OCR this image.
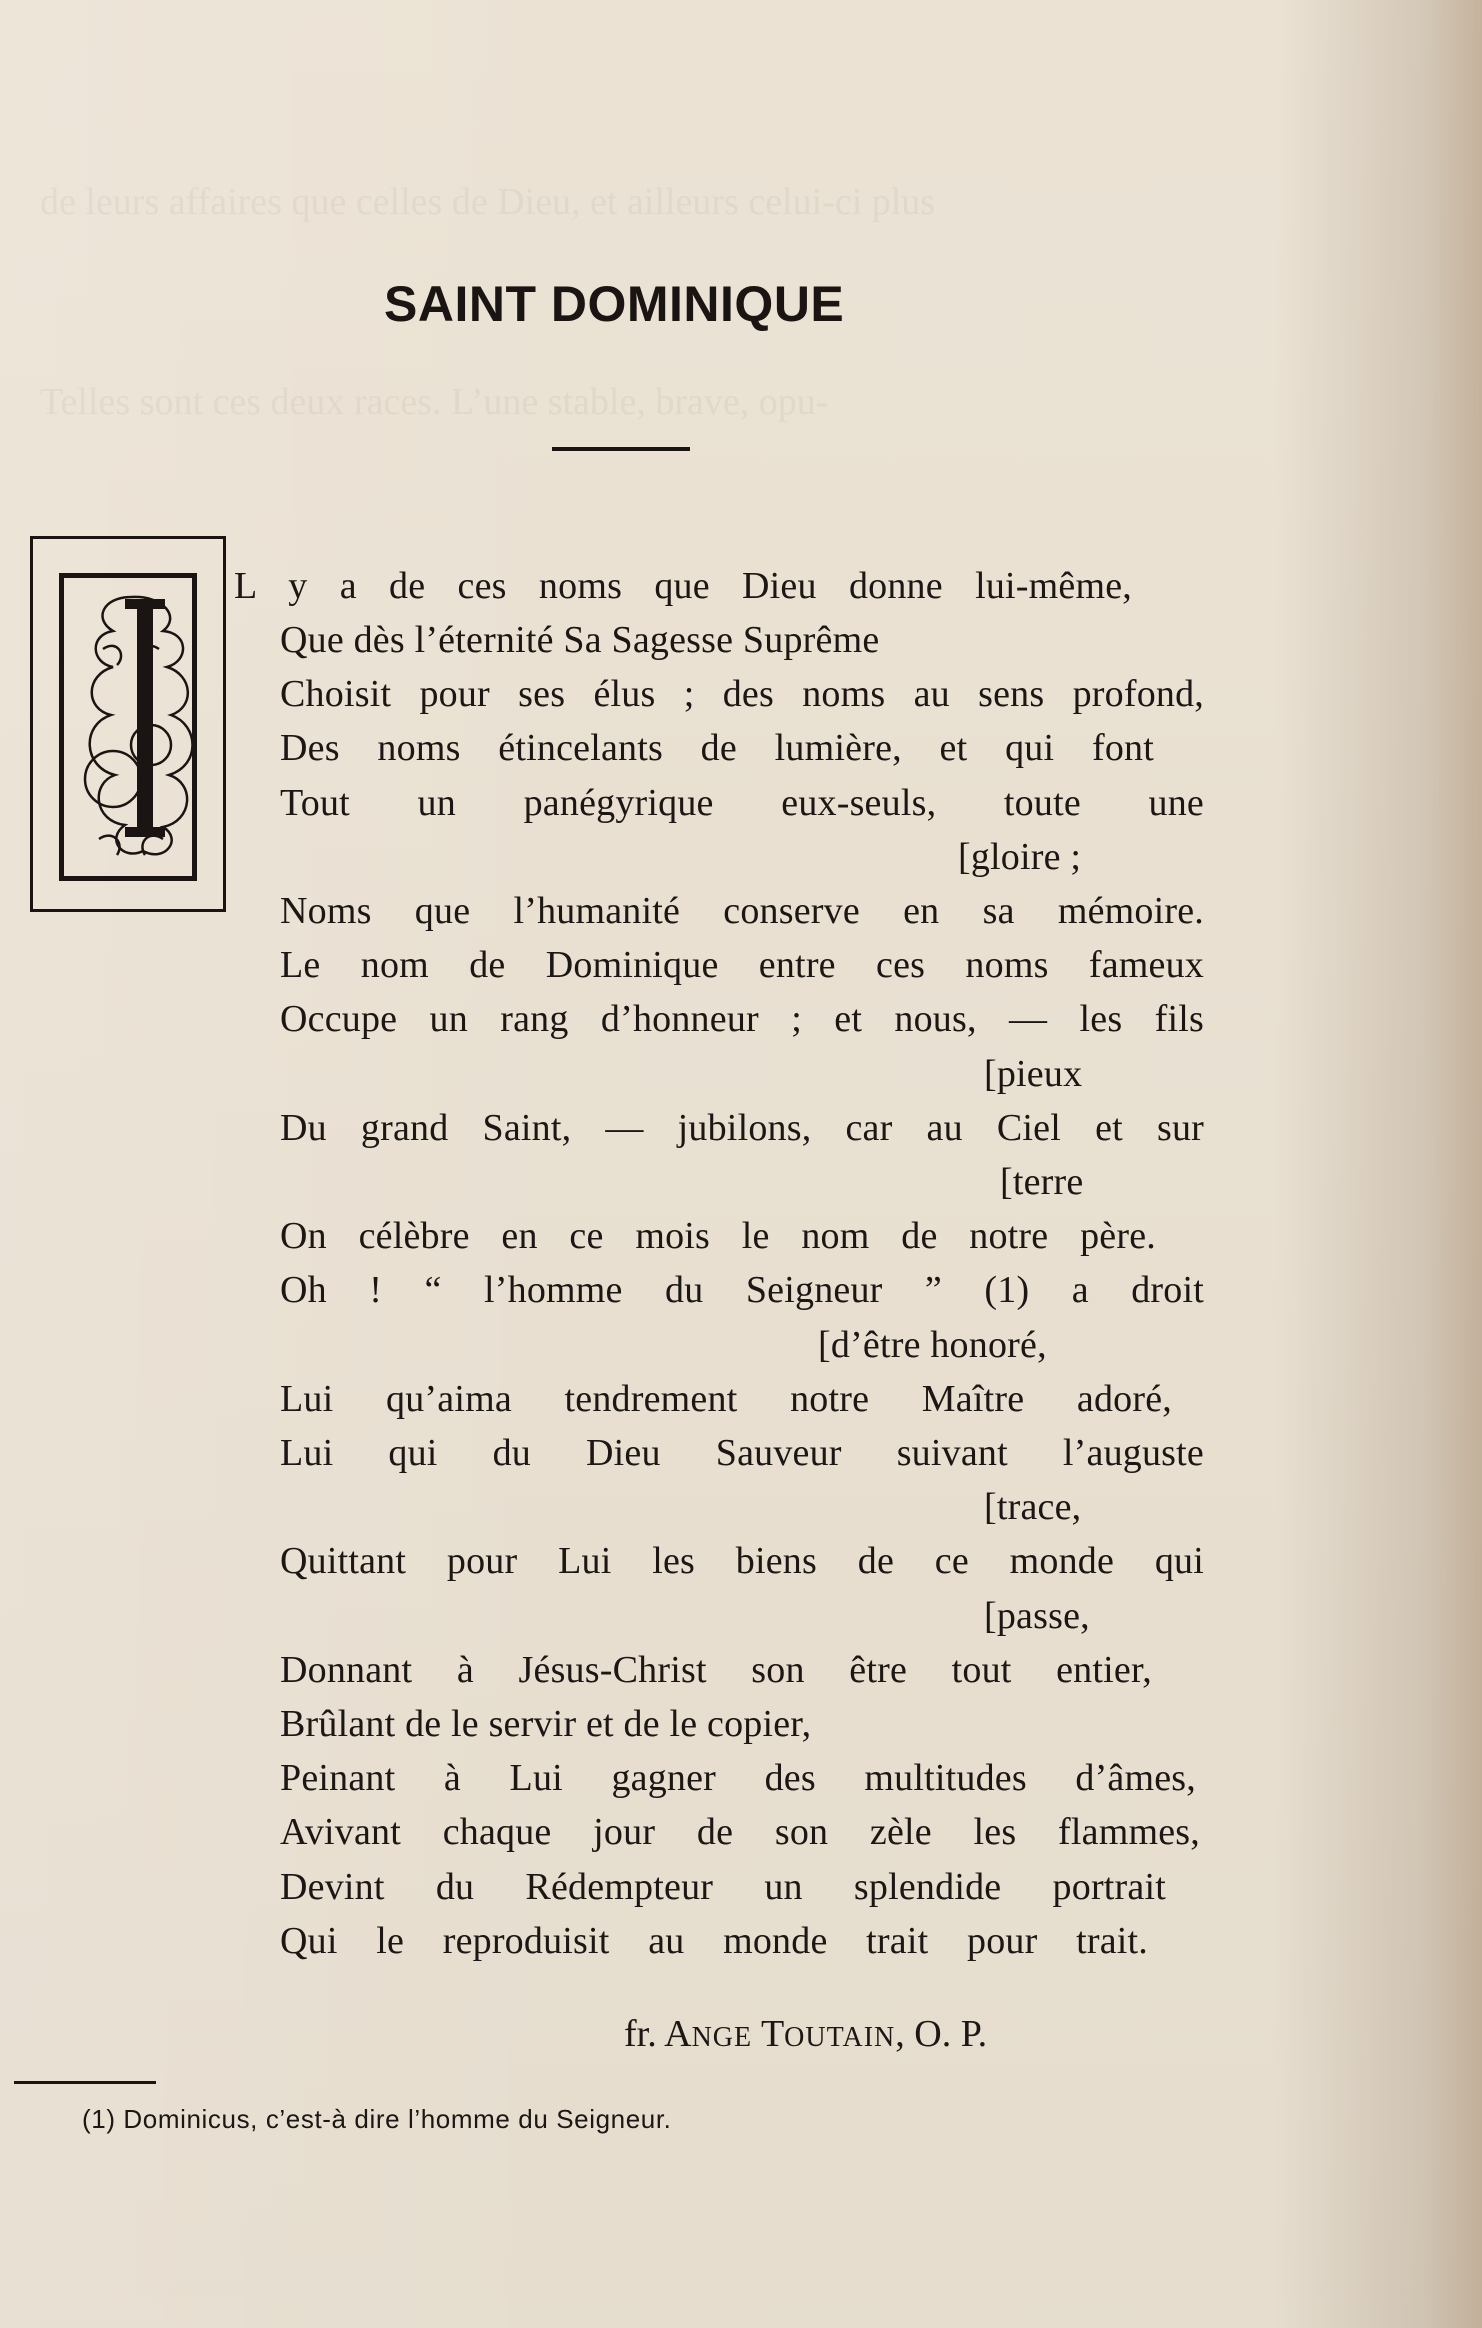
de leurs affaires que celles de Dieu, et ailleurs celui-ci plus
Telles sont ces deux races. L’une stable, brave, opu-
SAINT DOMINIQUE
L y a de ces noms que Dieu donne lui-même,
Que dès l’éternité Sa Sagesse Suprême
Choisit pour ses élus ; des noms au sens profond,
Des noms étincelants de lumière, et qui font
Tout un panégyrique eux-seuls, toute une
[gloire ;
Noms que l’humanité conserve en sa mémoire.
Le nom de Dominique entre ces noms fameux
Occupe un rang d’honneur ; et nous, — les fils
[pieux
Du grand Saint, — jubilons, car au Ciel et sur
[terre
On célèbre en ce mois le nom de notre père.
Oh ! “ l’homme du Seigneur ” (1) a droit
[d’être honoré,
Lui qu’aima tendrement notre Maître adoré,
Lui qui du Dieu Sauveur suivant l’auguste
[trace,
Quittant pour Lui les biens de ce monde qui
[passe,
Donnant à Jésus-Christ son être tout entier,
Brûlant de le servir et de le copier,
Peinant à Lui gagner des multitudes d’âmes,
Avivant chaque jour de son zèle les flammes,
Devint du Rédempteur un splendide portrait
Qui le reproduisit au monde trait pour trait.
fr. ANGE TOUTAIN, O. P.
(1) Dominicus, c’est-à dire l’homme du Seigneur.
